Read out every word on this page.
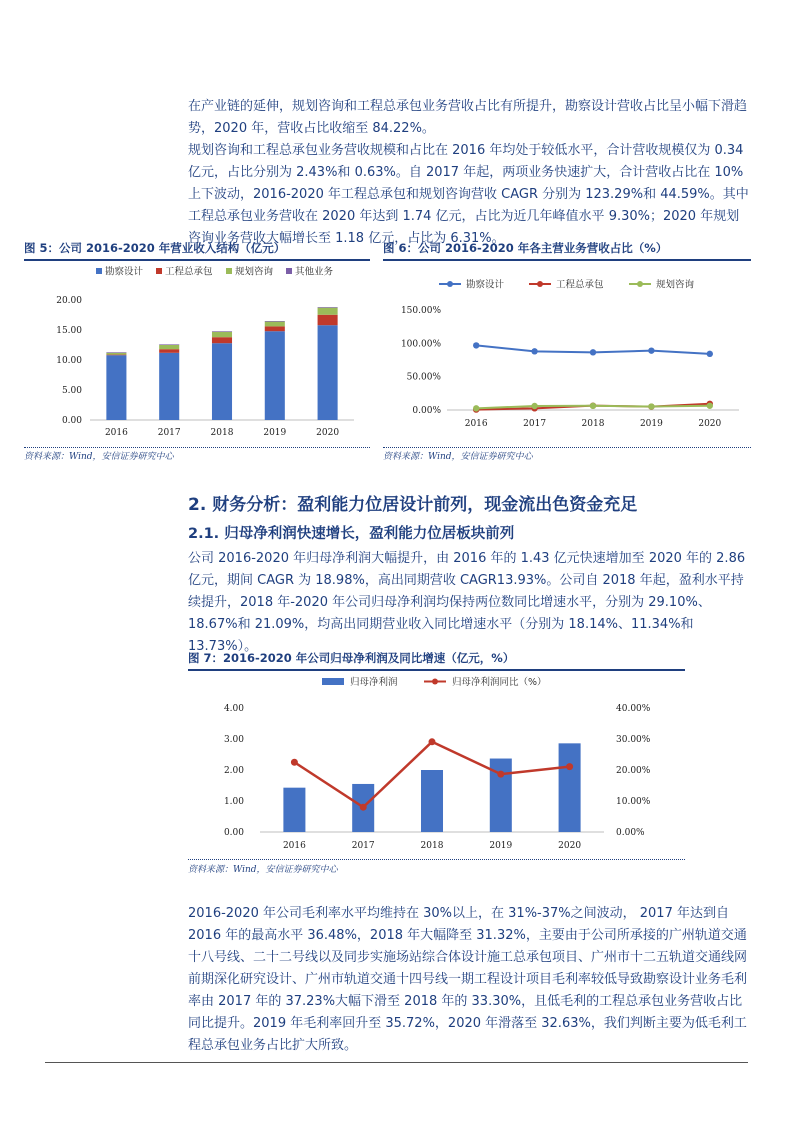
在产业链的延伸，规划咨询和工程总承包业务营收占比有所提升，勘察设计营收占比呈小幅下滑趋势，2020 年，营收占比收缩至 84.22%。

规划咨询和工程总承包业务营收规模和占比在 2016 年均处于较低水平，合计营收规模仅为 0.34 亿元，占比分别为 2.43%和 0.63%。自 2017 年起，两项业务快速扩大，合计营收占比在 10%上下波动，2016-2020 年工程总承包和规划咨询营收 CAGR 分别为 123.29%和 44.59%。其中工程总承包业务营收在 2020 年达到 1.74 亿元，占比为近几年峰值水平 9.30%；2020 年规划咨询业务营收大幅增长至 1.18 亿元，占比为 6.31%。

图 5：公司 2016-2020 年营业收入结构（亿元）
勘察设计 工程总承包 规划咨询 其他业务
0.00
5.00
10.00
15.00
20.00
2016	2017	2018	2019	2020
资料来源：Wind，安信证券研究中心
图 6：公司 2016-2020 年各主营业务营收占比（%）
勘察设计	工程总承包	规划咨询
0.00%
50.00%
100.00%
150.00%
2016	2017	2018	2019	2020
资料来源：Wind，安信证券研究中心
2. 财务分析：盈利能力位居设计前列，现金流出色资金充足
2.1. 归母净利润快速增长，盈利能力位居板块前列

公司 2016-2020 年归母净利润大幅提升，由 2016 年的 1.43 亿元快速增加至 2020 年的 2.86 亿元，期间 CAGR 为 18.98%，高出同期营收 CAGR13.93%。公司自 2018 年起，盈利水平持续提升，2018 年-2020 年公司归母净利润均保持两位数同比增速水平，分别为 29.10%、18.67%和 21.09%，均高出同期营业收入同比增速水平（分别为 18.14%、11.34%和 13.73%）。

图 7：2016-2020 年公司归母净利润及同比增速（亿元，%）
归母净利润	归母净利润同比（%）
0.00
1.00
2.00
3.00
4.00
0.00%
10.00%
20.00%
30.00%
40.00%
2016	2017	2018	2019	2020
资料来源：Wind，安信证券研究中心

2016-2020 年公司毛利率水平均维持在 30%以上，在 31%-37%之间波动， 2017 年达到自 2016 年的最高水平 36.48%，2018 年大幅降至 31.32%，主要由于公司所承接的广州轨道交通十八号线、二十二号线以及同步实施场站综合体设计施工总承包项目、广州市十二五轨道交通线网前期深化研究设计、广州市轨道交通十四号线一期工程设计项目毛利率较低导致勘察设计业务毛利率由 2017 年的 37.23%大幅下滑至 2018 年的 33.30%，且低毛利的工程总承包业务营收占比同比提升。2019 年毛利率回升至 35.72%，2020 年滑落至 32.63%，我们判断主要为低毛利工程总承包业务占比扩大所致。
